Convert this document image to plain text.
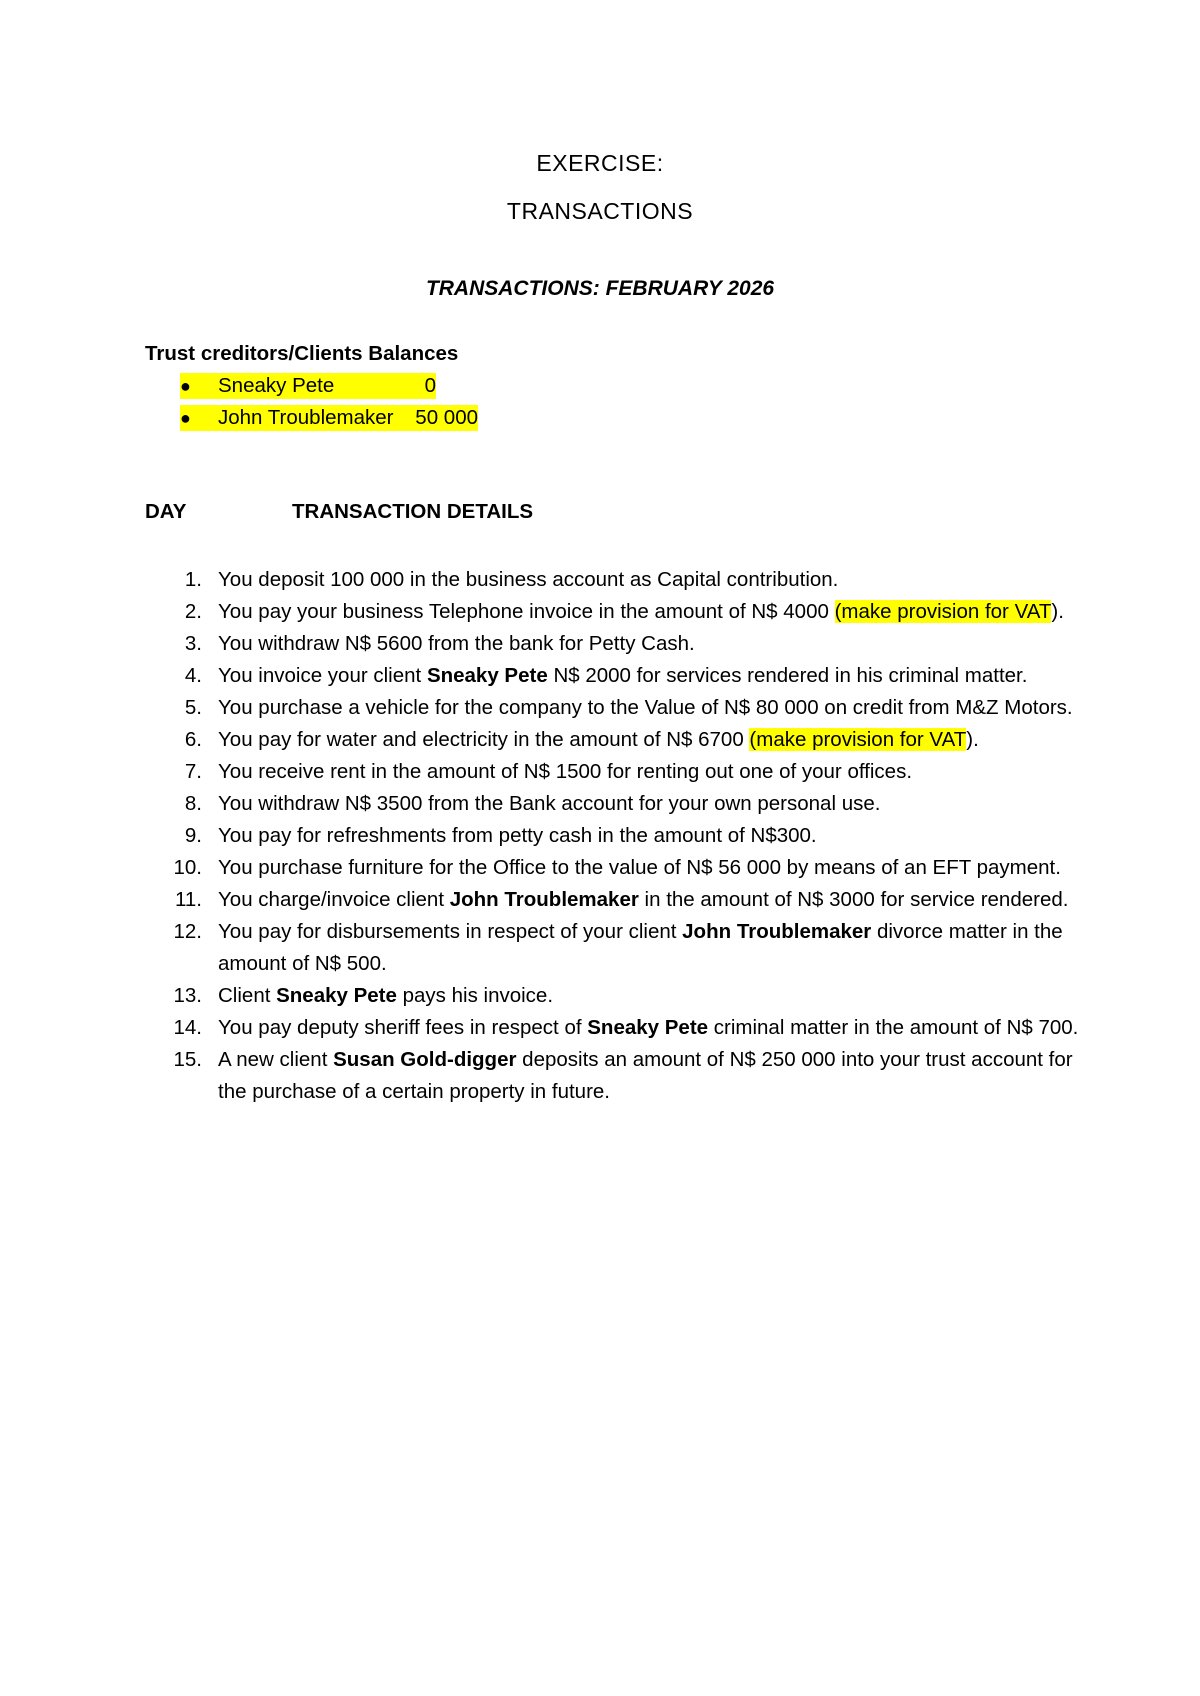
EXERCISE:
TRANSACTIONS
TRANSACTIONS: FEBRUARY 2026
Trust creditors/Clients Balances
●	Sneaky Pete	0
●	John Troublemaker	50 000
DAY	TRANSACTION DETAILS
1. You deposit 100 000 in the business account as Capital contribution.
2. You pay your business Telephone invoice in the amount of N$ 4000 (make provision for VAT).
3. You withdraw N$ 5600 from the bank for Petty Cash.
4. You invoice your client Sneaky Pete N$ 2000 for services rendered in his criminal matter.
5. You purchase a vehicle for the company to the Value of N$ 80 000 on credit from M&Z Motors.
6. You pay for water and electricity in the amount of N$ 6700 (make provision for VAT).
7. You receive rent in the amount of N$ 1500 for renting out one of your offices.
8. You withdraw N$ 3500 from the Bank account for your own personal use.
9. You pay for refreshments from petty cash in the amount of N$300.
10. You purchase furniture for the Office to the value of N$ 56 000 by means of an EFT payment.
11. You charge/invoice client John Troublemaker in the amount of N$ 3000 for service rendered.
12. You pay for disbursements in respect of your client John Troublemaker divorce matter in the amount of N$ 500.
13. Client Sneaky Pete pays his invoice.
14. You pay deputy sheriff fees in respect of Sneaky Pete criminal matter in the amount of N$ 700.
15. A new client Susan Gold-digger deposits an amount of N$ 250 000 into your trust account for the purchase of a certain property in future.
